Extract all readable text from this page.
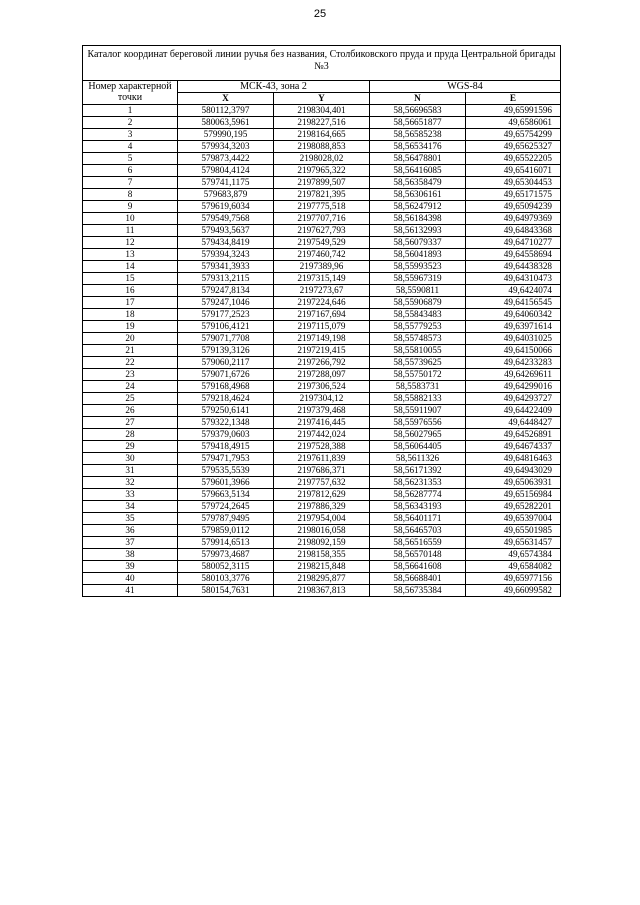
25
Каталог координат береговой линии ручья без названия, Столбиковского пруда и пруда Центральной бригады №3				
Номер характерной точки	МСК-43, зона 2		WGS-84	
	X	Y	N	E
1	580112,3797	2198304,401	58,56696583	49,65991596
2	580063,5961	2198227,516	58,56651877	49,6586061
3	579990,195	2198164,665	58,56585238	49,65754299
4	579934,3203	2198088,853	58,56534176	49,65625327
5	579873,4422	2198028,02	58,56478801	49,65522205
6	579804,4124	2197965,322	58,56416085	49,65416071
7	579741,1175	2197899,507	58,56358479	49,65304453
8	579683,879	2197821,395	58,56306161	49,65171575
9	579619,6034	2197775,518	58,56247912	49,65094239
10	579549,7568	2197707,716	58,56184398	49,64979369
11	579493,5637	2197627,793	58,56132993	49,64843368
12	579434,8419	2197549,529	58,56079337	49,64710277
13	579394,3243	2197460,742	58,56041893	49,64558694
14	579341,3933	2197389,96	58,55993523	49,64438328
15	579313,2115	2197315,149	58,55967319	49,64310473
16	579247,8134	2197273,67	58,5590811	49,6424074
17	579247,1046	2197224,646	58,55906879	49,64156545
18	579177,2523	2197167,694	58,55843483	49,64060342
19	579106,4121	2197115,079	58,55779253	49,63971614
20	579071,7708	2197149,198	58,55748573	49,64031025
21	579139,3126	2197219,415	58,55810055	49,64150066
22	579060,2117	2197266,792	58,55739625	49,64233283
23	579071,6726	2197288,097	58,55750172	49,64269611
24	579168,4968	2197306,524	58,5583731	49,64299016
25	579218,4624	2197304,12	58,55882133	49,64293727
26	579250,6141	2197379,468	58,55911907	49,64422409
27	579322,1348	2197416,445	58,55976556	49,6448427
28	579379,0603	2197442,024	58,56027965	49,64526891
29	579418,4915	2197528,388	58,56064405	49,64674337
30	579471,7953	2197611,839	58,5611326	49,64816463
31	579535,5539	2197686,371	58,56171392	49,64943029
32	579601,3966	2197757,632	58,56231353	49,65063931
33	579663,5134	2197812,629	58,56287774	49,65156984
34	579724,2645	2197886,329	58,56343193	49,65282201
35	579787,9495	2197954,004	58,56401171	49,65397004
36	579859,0112	2198016,058	58,56465703	49,65501985
37	579914,6513	2198092,159	58,56516559	49,65631457
38	579973,4687	2198158,355	58,56570148	49,6574384
39	580052,3115	2198215,848	58,56641608	49,6584082
40	580103,3776	2198295,877	58,56688401	49,65977156
41	580154,7631	2198367,813	58,56735384	49,66099582
